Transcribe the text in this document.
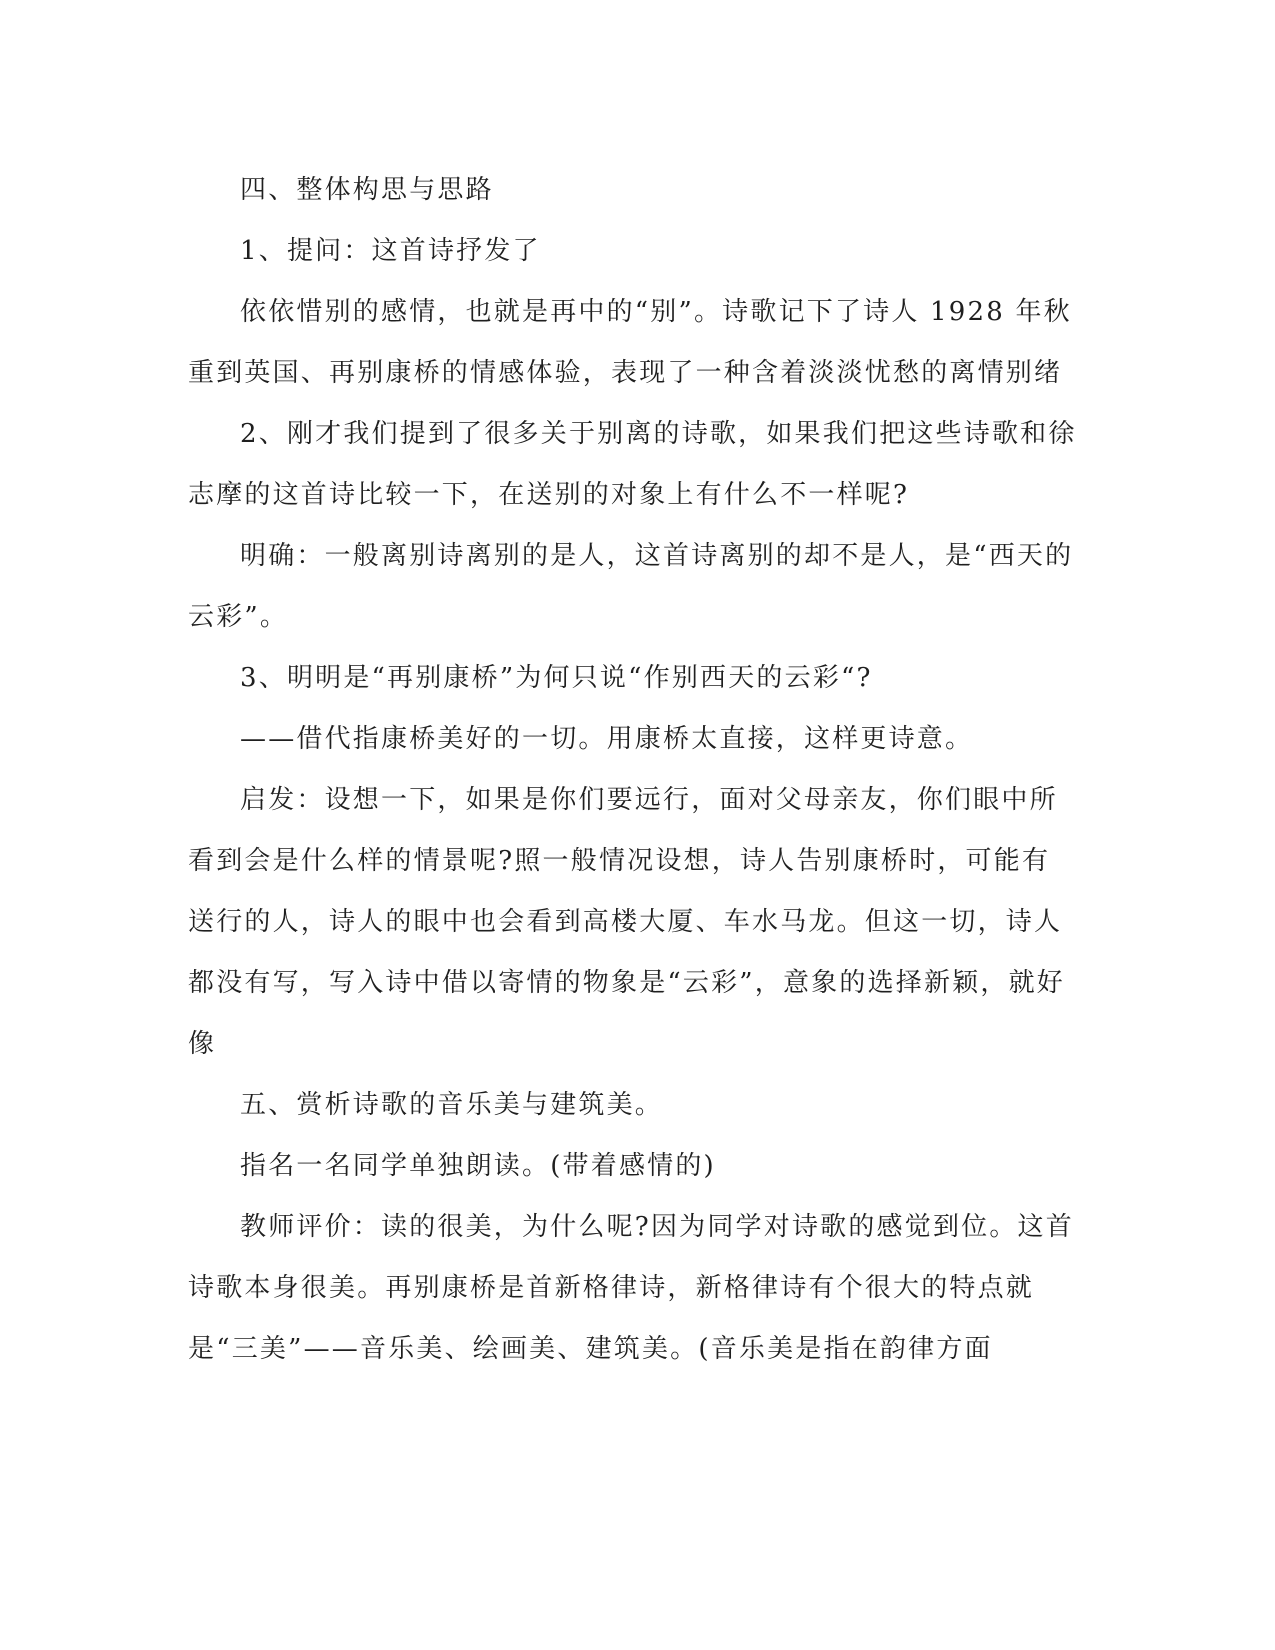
四、整体构思与思路

1、提问：这首诗抒发了

依依惜别的感情，也就是再中的“别”。诗歌记下了诗人 1928 年秋重到英国、再别康桥的情感体验，表现了一种含着淡淡忧愁的离情别绪

2、刚才我们提到了很多关于别离的诗歌，如果我们把这些诗歌和徐志摩的这首诗比较一下，在送别的对象上有什么不一样呢?

明确：一般离别诗离别的是人，这首诗离别的却不是人，是“西天的云彩”。

3、明明是“再别康桥”为何只说“作别西天的云彩“?

——借代指康桥美好的一切。用康桥太直接，这样更诗意。

启发：设想一下，如果是你们要远行，面对父母亲友，你们眼中所看到会是什么样的情景呢?照一般情况设想，诗人告别康桥时，可能有送行的人，诗人的眼中也会看到高楼大厦、车水马龙。但这一切，诗人都没有写，写入诗中借以寄情的物象是“云彩”，意象的选择新颖，就好像

五、赏析诗歌的音乐美与建筑美。

指名一名同学单独朗读。(带着感情的)

教师评价：读的很美，为什么呢?因为同学对诗歌的感觉到位。这首诗歌本身很美。再别康桥是首新格律诗，新格律诗有个很大的特点就是“三美”——音乐美、绘画美、建筑美。(音乐美是指在韵律方面
